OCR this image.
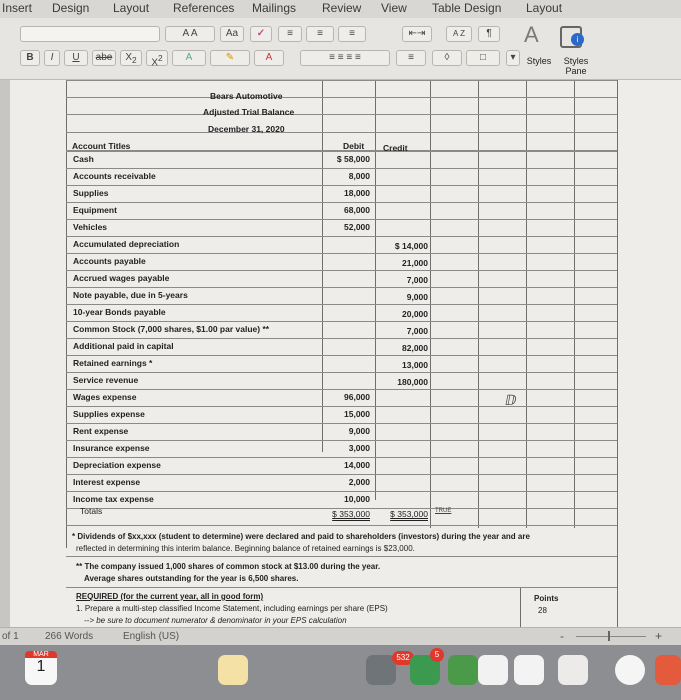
Insert Design Layout References Mailings Review View Table Design Layout
A A	Aa	✓	≡	≡	≡	⇤⇥	A Z	¶	A	i
B	I	U	abe	$X_2$	$X^2$	A	✎	A	≡ ≡ ≡ ≡	≡	◊	□	▾	Styles	Styles Pane
Bears Automotive
Adjusted Trial Balance
December 31, 2020
Account Titles	Debit Credit
Cash	$ 58,000
Accounts receivable	8,000
Supplies	18,000
Equipment	68,000
Vehicles	52,000
Accumulated depreciation	$ 14,000
Accounts payable	21,000
Accrued wages payable	7,000
Note payable, due in 5-years	9,000
10-year Bonds payable	20,000
Common Stock (7,000 shares, $1.00 par value) **	7,000
Additional paid in capital	82,000
Retained earnings *	13,000
Service revenue	180,000
Wages expense	96,000
Supplies expense	15,000
Rent expense	9,000
Insurance expense	3,000
Depreciation expense	14,000
Interest expense	2,000
Income tax expense	10,000
Totals	$ 353,000	$ 353,000 TRUE
* Dividends of $xx,xxx (student to determine) were declared and paid to shareholders (investors) during the year and are
reflected in determining this interim balance. Beginning balance of retained earnings is $23,000.
** The company issued 1,000 shares of common stock at $13.00 during the year.
Average shares outstanding for the year is 6,500 shares.
REQUIRED (for the current year, all in good form)
1. Prepare a multi-step classified Income Statement, including earnings per share (EPS)
--> be sure to document numerator & denominator in your EPS calculation
Points
28
ⅅ
of 1	266 Words	English (US)	-	+
MAR
1
532	5
